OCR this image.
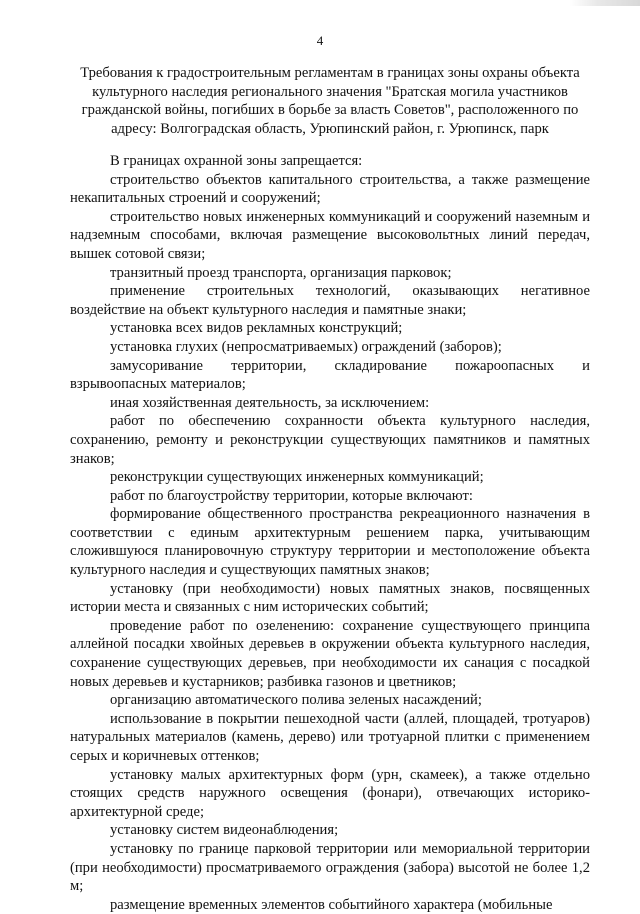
4
Требования к градостроительным регламентам в границах зоны охраны объекта культурного наследия регионального значения "Братская могила участников гражданской войны, погибших в борьбе за власть Советов", расположенного по адресу: Волгоградская область, Урюпинский район, г. Урюпинск, парк

В границах охранной зоны запрещается:

строительство объектов капитального строительства, а также размещение некапитальных строений и сооружений;

строительство новых инженерных коммуникаций и сооружений наземным и надземным способами, включая размещение высоковольтных линий передач, вышек сотовой связи;

транзитный проезд транспорта, организация парковок;

применение строительных технологий, оказывающих негативное воздействие на объект культурного наследия и памятные знаки;

установка всех видов рекламных конструкций;

установка глухих (непросматриваемых) ограждений (заборов);

замусоривание территории, складирование пожароопасных и взрывоопасных материалов;

иная хозяйственная деятельность, за исключением:

работ по обеспечению сохранности объекта культурного наследия, сохранению, ремонту и реконструкции существующих памятников и памятных знаков;

реконструкции существующих инженерных коммуникаций;

работ по благоустройству территории, которые включают:

формирование общественного пространства рекреационного назначения в соответствии с единым архитектурным решением парка, учитывающим сложившуюся планировочную структуру территории и местоположение объекта культурного наследия и существующих памятных знаков;

установку (при необходимости) новых памятных знаков, посвященных истории места и связанных с ним исторических событий;

проведение работ по озеленению: сохранение существующего принципа аллейной посадки хвойных деревьев в окружении объекта культурного наследия, сохранение существующих деревьев, при необходимости их санация с посадкой новых деревьев и кустарников; разбивка газонов и цветников;

организацию автоматического полива зеленых насаждений;

использование в покрытии пешеходной части (аллей, площадей, тротуаров) натуральных материалов (камень, дерево) или тротуарной плитки с применением серых и коричневых оттенков;

установку малых архитектурных форм (урн, скамеек), а также отдельно стоящих средств наружного освещения (фонари), отвечающих историко-архитектурной среде;

установку систем видеонаблюдения;

установку по границе парковой территории или мемориальной территории (при необходимости) просматриваемого ограждения (забора) высотой не более 1,2 м;

размещение временных элементов событийного характера (мобильные
